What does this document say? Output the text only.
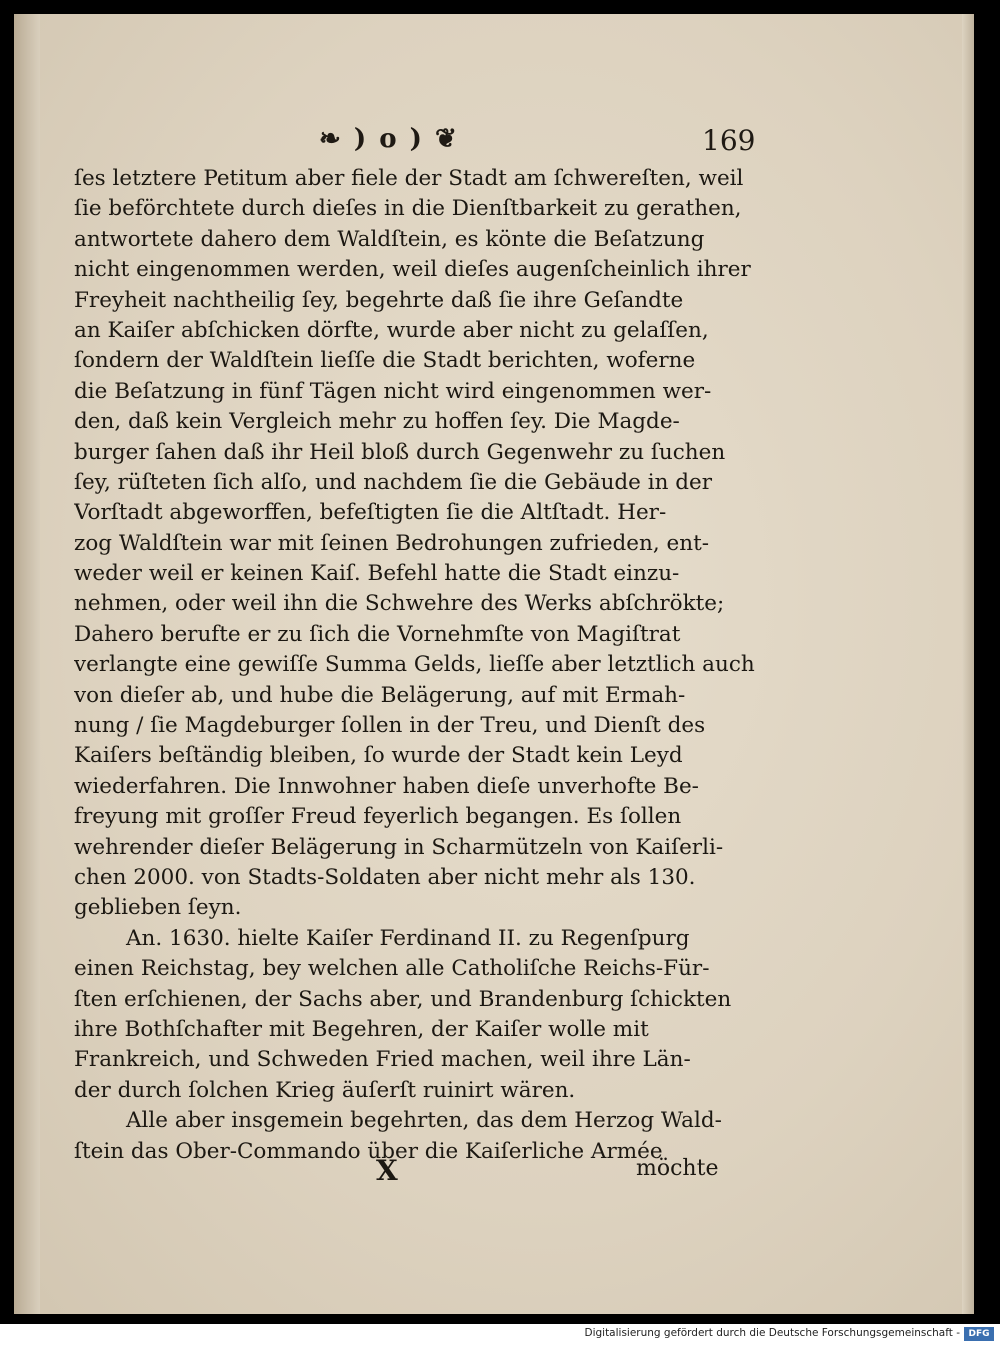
❧ ) o ) ❦	169
ſes letztere Petitum aber fiele der Stadt am ſchwereſten, weil
ſie beförchtete durch dieſes in die Dienſtbarkeit zu gerathen,
antwortete dahero dem Waldſtein, es könte die Beſatzung
nicht eingenommen werden, weil dieſes augenſcheinlich ihrer
Freyheit nachtheilig ſey, begehrte daß ſie ihre Geſandte
an Kaiſer abſchicken dörfte, wurde aber nicht zu gelaſſen,
ſondern der Waldſtein lieſſe die Stadt berichten, woferne
die Beſatzung in fünf Tägen nicht wird eingenommen wer-
den, daß kein Vergleich mehr zu hoffen ſey. Die Magde-
burger ſahen daß ihr Heil bloß durch Gegenwehr zu ſuchen
ſey, rüſteten ſich alſo, und nachdem ſie die Gebäude in der
Vorſtadt abgeworffen, befeſtigten ſie die Altſtadt. Her-
zog Waldſtein war mit ſeinen Bedrohungen zufrieden, ent-
weder weil er keinen Kaiſ. Befehl hatte die Stadt einzu-
nehmen, oder weil ihn die Schwehre des Werks abſchrökte;
Dahero berufte er zu ſich die Vornehmſte von Magiſtrat
verlangte eine gewiſſe Summa Gelds, lieſſe aber letztlich auch
von dieſer ab, und hube die Belägerung, auf mit Ermah-
nung / ſie Magdeburger ſollen in der Treu, und Dienſt des
Kaiſers beſtändig bleiben, ſo wurde der Stadt kein Leyd
wiederfahren. Die Innwohner haben dieſe unverhofte Be-
freyung mit groſſer Freud feyerlich begangen. Es ſollen
wehrender dieſer Belägerung in Scharmützeln von Kaiſerli-
chen 2000. von Stadts-Soldaten aber nicht mehr als 130.
geblieben ſeyn.
An. 1630. hielte Kaiſer Ferdinand II. zu Regenſpurg
einen Reichstag, bey welchen alle Catholiſche Reichs-Für-
ſten erſchienen, der Sachs aber, und Brandenburg ſchickten
ihre Bothſchafter mit Begehren, der Kaiſer wolle mit
Frankreich, und Schweden Fried machen, weil ihre Län-
der durch ſolchen Krieg äuſerſt ruinirt wären.
Alle aber insgemein begehrten, das dem Herzog Wald-
ſtein das Ober-Commando über die Kaiſerliche Armée
X	möchte
Digitalisierung gefördert durch die Deutsche Forschungsgemeinschaft - DFG
